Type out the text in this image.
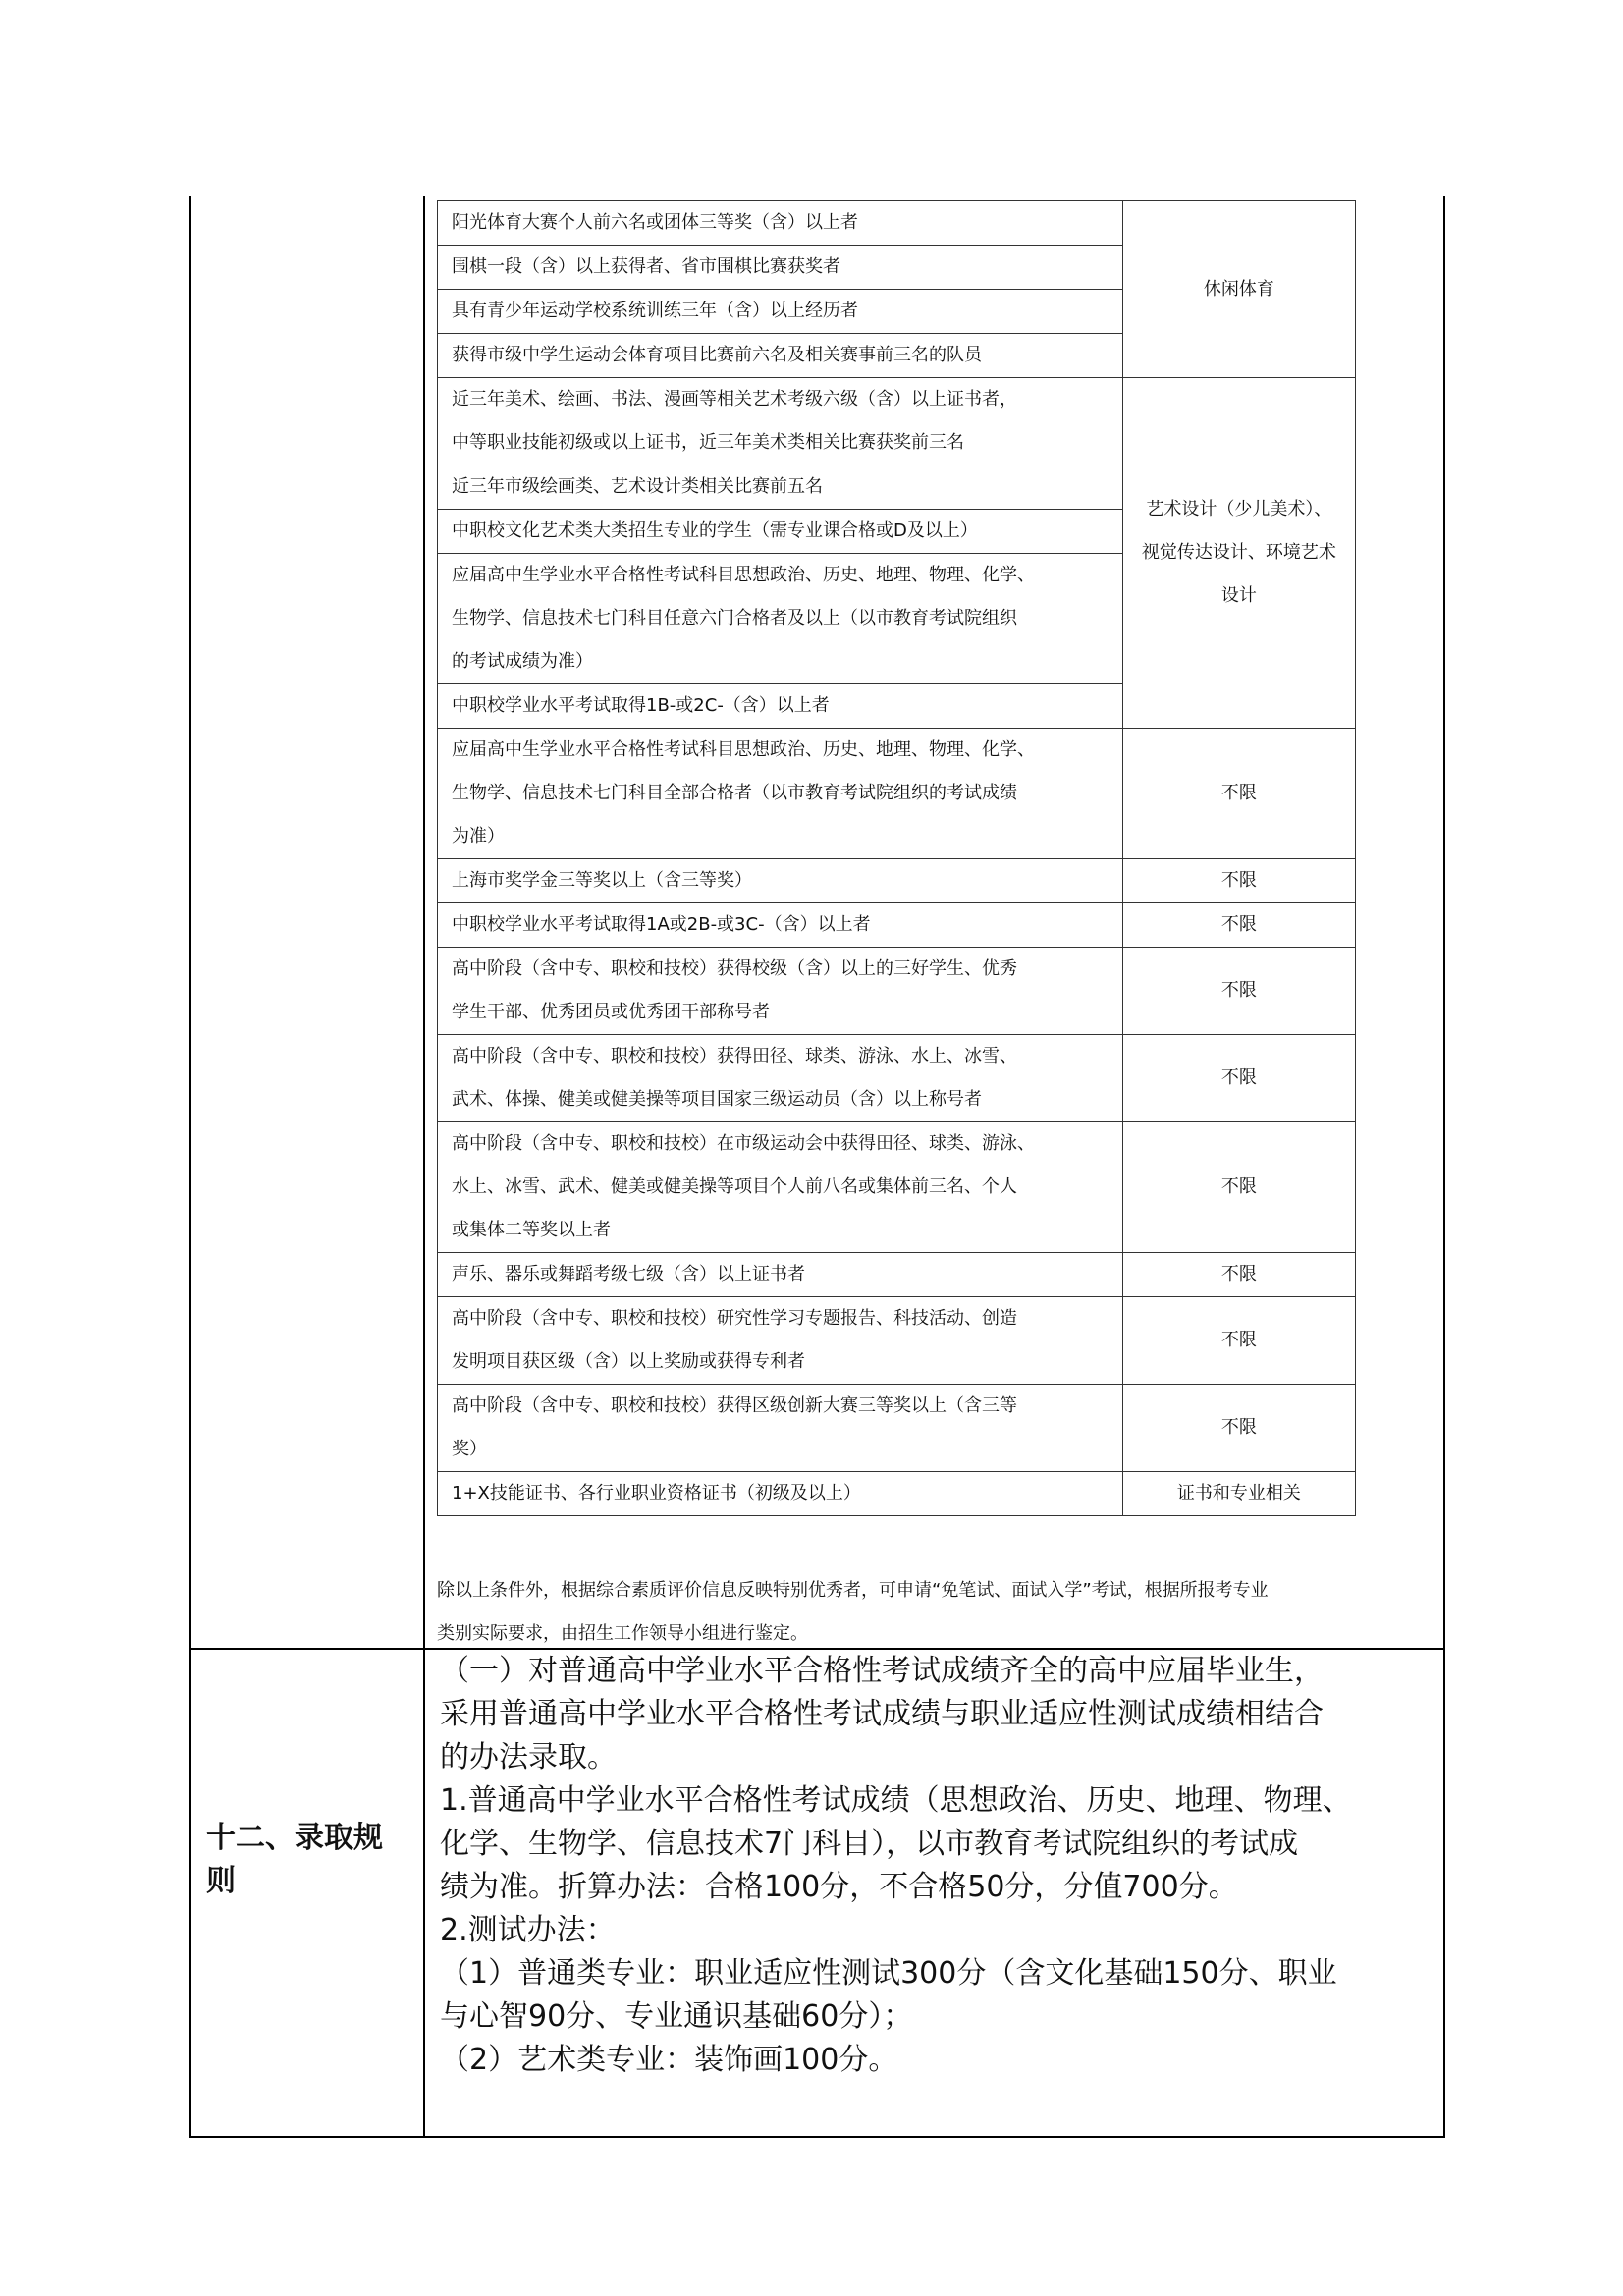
阳光体育大赛个人前六名或团体三等奖（含）以上者	休闲体育

围棋一段（含）以上获得者、省市围棋比赛获奖者	

具有青少年运动学校系统训练三年（含）以上经历者	

获得市级中学生运动会体育项目比赛前六名及相关赛事前三名的队员	

近三年美术、绘画、书法、漫画等相关艺术考级六级（含）以上证书者，
中等职业技能初级或以上证书，近三年美术类相关比赛获奖前三名	艺术设计（少儿美术）、视觉传达设计、环境艺术设计

近三年市级绘画类、艺术设计类相关比赛前五名	

中职校文化艺术类大类招生专业的学生（需专业课合格或D及以上）	

应届高中生学业水平合格性考试科目思想政治、历史、地理、物理、化学、
生物学、信息技术七门科目任意六门合格者及以上（以市教育考试院组织
的考试成绩为准）	

中职校学业水平考试取得1B-或2C-（含）以上者	

应届高中生学业水平合格性考试科目思想政治、历史、地理、物理、化学、
生物学、信息技术七门科目全部合格者（以市教育考试院组织的考试成绩
为准）	不限

上海市奖学金三等奖以上（含三等奖）	不限

中职校学业水平考试取得1A或2B-或3C-（含）以上者	不限

高中阶段（含中专、职校和技校）获得校级（含）以上的三好学生、优秀
学生干部、优秀团员或优秀团干部称号者	不限

高中阶段（含中专、职校和技校）获得田径、球类、游泳、水上、冰雪、
武术、体操、健美或健美操等项目国家三级运动员（含）以上称号者	不限

高中阶段（含中专、职校和技校）在市级运动会中获得田径、球类、游泳、
水上、冰雪、武术、健美或健美操等项目个人前八名或集体前三名、个人
或集体二等奖以上者	不限

声乐、器乐或舞蹈考级七级（含）以上证书者	不限

高中阶段（含中专、职校和技校）研究性学习专题报告、科技活动、创造
发明项目获区级（含）以上奖励或获得专利者	不限

高中阶段（含中专、职校和技校）获得区级创新大赛三等奖以上（含三等
奖）	不限

1+X技能证书、各行业职业资格证书（初级及以上）	证书和专业相关
除以上条件外，根据综合素质评价信息反映特别优秀者，可申请“免笔试、面试入学”考试，根据所报考专业
类别实际要求，由招生工作领导小组进行鉴定。
十二、录取规
则

（一）对普通高中学业水平合格性考试成绩齐全的高中应届毕业生，

采用普通高中学业水平合格性考试成绩与职业适应性测试成绩相结合

的办法录取。

1.普通高中学业水平合格性考试成绩（思想政治、历史、地理、物理、

化学、生物学、信息技术7门科目），以市教育考试院组织的考试成

绩为准。折算办法：合格100分，不合格50分，分值700分。

2.测试办法：

（1）普通类专业：职业适应性测试300分（含文化基础150分、职业

与心智90分、专业通识基础60分）；

（2）艺术类专业：装饰画100分。
